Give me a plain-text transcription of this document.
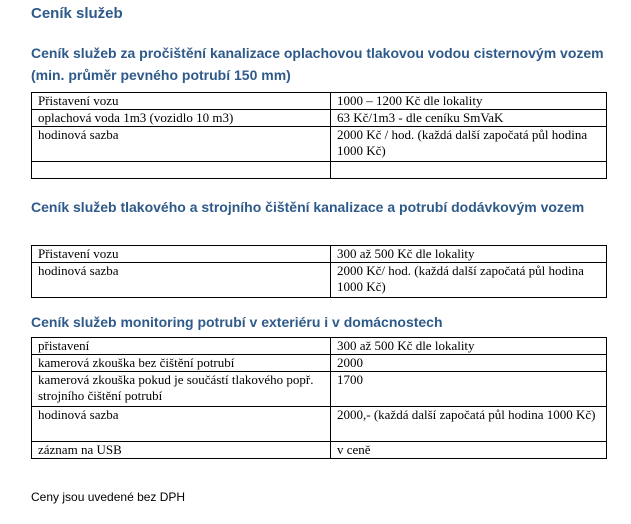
Ceník služeb
Ceník služeb za pročištění kanalizace oplachovou tlakovou vodou cisternovým vozem (min. průměr pevného potrubí 150 mm)
Přistavení vozu	1000 – 1200 Kč dle lokality
oplachová voda 1m3 (vozidlo 10 m3)	63 Kč/1m3 - dle ceníku SmVaK
hodinová sazba	2000 Kč / hod. (každá další započatá půl hodina 1000 Kč)

Ceník služeb tlakového a strojního čištění kanalizace a potrubí dodávkovým vozem
Přistavení vozu	300 až 500 Kč dle lokality
hodinová sazba	2000 Kč/ hod. (každá další započatá půl hodina 1000 Kč)
Ceník služeb monitoring potrubí v exteriéru i v domácnostech
přistavení	300 až 500 Kč dle lokality
kamerová zkouška bez čištění potrubí	2000
kamerová zkouška pokud je součástí tlakového popř. strojního čištění potrubí	1700
hodinová sazba	2000,- (každá další započatá půl hodina 1000 Kč)
záznam na USB	v ceně
Ceny jsou uvedené bez DPH
